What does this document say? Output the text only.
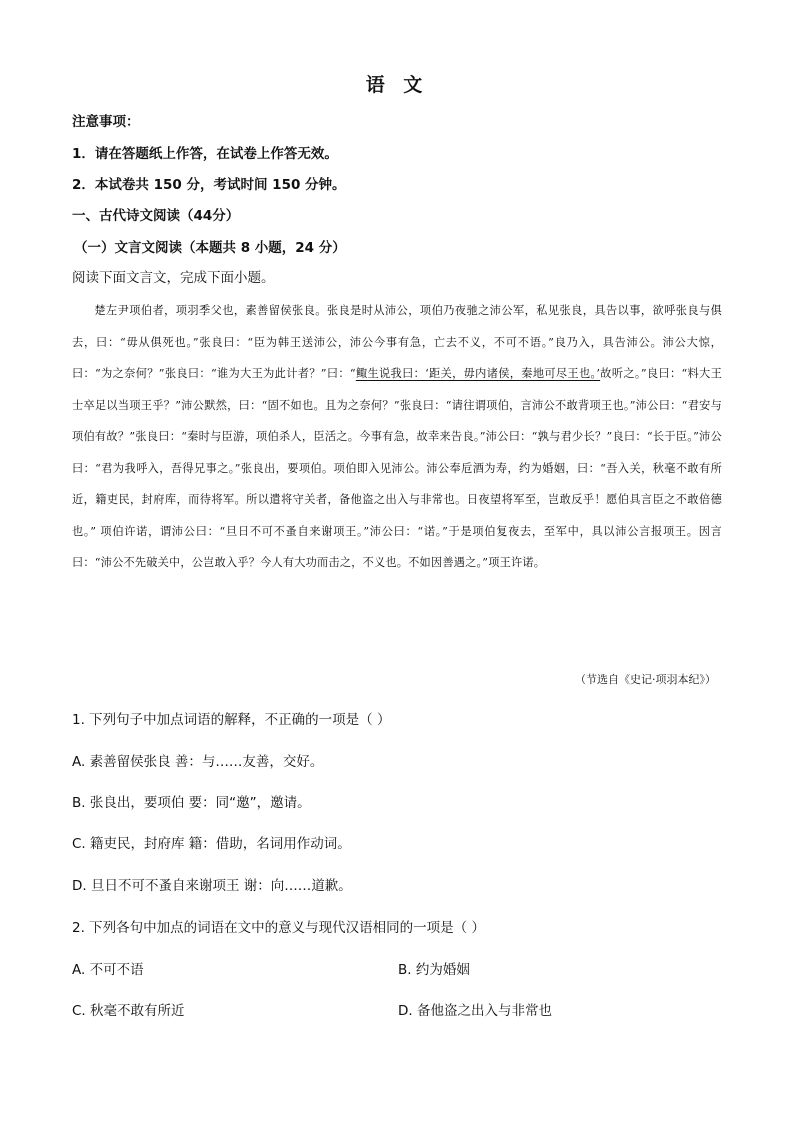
语 文
注意事项：
1．请在答题纸上作答，在试卷上作答无效。
2．本试卷共 150 分，考试时间 150 分钟。
一、古代诗文阅读（44分）
（一）文言文阅读（本题共 8 小题，24 分）
阅读下面文言文，完成下面小题。

楚左尹项伯者，项羽季父也，素善留侯张良。张良是时从沛公，项伯乃夜驰之沛公军，私见张良，具告以事，欲呼张良与俱去，曰：“毋从俱死也。”张良曰：“臣为韩王送沛公，沛公今事有急，亡去不义，不可不语。”良乃入，具告沛公。沛公大惊，曰：“为之奈何？”张良曰：“谁为大王为此计者？”曰：“鲰生说我曰：‘距关，毋内诸侯，秦地可尽王也。’故听之。”良曰：“料大王士卒足以当项王乎？”沛公默然，曰：“固不如也。且为之奈何？”张良曰：“请往谓项伯，言沛公不敢背项王也。”沛公曰：“君安与项伯有故？”张良曰：“秦时与臣游，项伯杀人，臣活之。今事有急，故幸来告良。”沛公曰：“孰与君少长？”良曰：“长于臣。”沛公曰：“君为我呼入，吾得兄事之。”张良出，要项伯。项伯即入见沛公。沛公奉卮酒为寿，约为婚姻，曰：“吾入关，秋毫不敢有所近，籍吏民，封府库，而待将军。所以遣将守关者，备他盗之出入与非常也。日夜望将军至，岂敢反乎！愿伯具言臣之不敢倍德也。” 项伯许诺，谓沛公曰：“旦日不可不蚤自来谢项王。”沛公曰：“诺。”于是项伯复夜去，至军中，具以沛公言报项王。因言曰：“沛公不先破关中，公岂敢入乎？今人有大功而击之，不义也。不如因善遇之。”项王许诺。

（节选自《史记·项羽本纪》）
1. 下列句子中加点词语的解释，不正确的一项是（ ）
A. 素善留侯张良 善：与……友善，交好。
B. 张良出，要项伯 要：同“邀”，邀请。
C. 籍吏民，封府库 籍：借助，名词用作动词。
D. 旦日不可不蚤自来谢项王 谢：向……道歉。
2. 下列各句中加点的词语在文中的意义与现代汉语相同的一项是（ ）
A. 不可不语	B. 约为婚姻
C. 秋毫不敢有所近	D. 备他盗之出入与非常也
